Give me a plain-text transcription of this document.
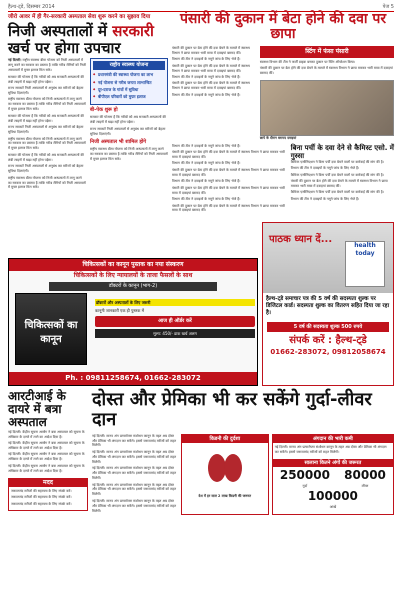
हैल्थ-ट्डे, दिसम्बर 2014	पेज 5
जीरो आवर में ही गैर-सरकारी अस्पताल सेवा शुरू करने का सुझाव दिया
निजी अस्पतालों में सरकारी
खर्च पर होगा उपचार

नई दिल्ली। राष्ट्रीय स्वास्थ्य बीमा योजना को निजी अस्पतालों में लागू करने का सरकार का प्रस्ताव है ताकि गरीब रोगियों को निजी अस्पतालों में मुफ्त इलाज मिल सके।

सरकार की योजना है कि गरीबों को अब सरकारी अस्पतालों की लंबी लाइनों में खड़ा नहीं होना पड़ेगा।

राज्य सरकारें निजी अस्पतालों से अनुबंध कर मरीजों को बेहतर सुविधा दिलाएंगी।

राष्ट्रीय स्वास्थ्य बीमा योजना को निजी अस्पतालों में लागू करने का सरकार का प्रस्ताव है ताकि गरीब रोगियों को निजी अस्पतालों में मुफ्त इलाज मिल सके।

सरकार की योजना है कि गरीबों को अब सरकारी अस्पतालों की लंबी लाइनों में खड़ा नहीं होना पड़ेगा।

राज्य सरकारें निजी अस्पतालों से अनुबंध कर मरीजों को बेहतर सुविधा दिलाएंगी।

राष्ट्रीय स्वास्थ्य बीमा योजना को निजी अस्पतालों में लागू करने का सरकार का प्रस्ताव है ताकि गरीब रोगियों को निजी अस्पतालों में मुफ्त इलाज मिल सके।

सरकार की योजना है कि गरीबों को अब सरकारी अस्पतालों की लंबी लाइनों में खड़ा नहीं होना पड़ेगा।

राज्य सरकारें निजी अस्पतालों से अनुबंध कर मरीजों को बेहतर सुविधा दिलाएंगी।

राष्ट्रीय स्वास्थ्य बीमा योजना को निजी अस्पतालों में लागू करने का सरकार का प्रस्ताव है ताकि गरीब रोगियों को निजी अस्पतालों में मुफ्त इलाज मिल सके।

राष्ट्रीय स्वास्थ्य योजना
◆ प्रधानमंत्री की स्वास्थ्य योजना का लाभ
◆ नई योजना से गरीब जनता लाभान्वित
◆ दूर-दराज के गांवों में सुविधा
◆ बीपीएल परिवारों को मुफ्त इलाज
बी-पेक शुरू हो

सरकार की योजना है कि गरीबों को अब सरकारी अस्पतालों की लंबी लाइनों में खड़ा नहीं होना पड़ेगा।

राज्य सरकारें निजी अस्पतालों से अनुबंध कर मरीजों को बेहतर सुविधा दिलाएंगी।

निजी अस्पताल भी शामिल होंगे

राष्ट्रीय स्वास्थ्य बीमा योजना को निजी अस्पतालों में लागू करने का सरकार का प्रस्ताव है ताकि गरीब रोगियों को निजी अस्पतालों में मुफ्त इलाज मिल सके।

पंसारी की दुकान में बेटा होने की दवा पर छापा

पंसारी की दुकान पर बेटा होने की दवा बेचने के मामले में स्वास्थ्य विभाग ने छापा मारकर भारी मात्रा में दवाइयां बरामद कीं।

विभाग की टीम ने दवाइयों के नमूने जांच के लिए भेजे हैं।

पंसारी की दुकान पर बेटा होने की दवा बेचने के मामले में स्वास्थ्य विभाग ने छापा मारकर भारी मात्रा में दवाइयां बरामद कीं।

विभाग की टीम ने दवाइयों के नमूने जांच के लिए भेजे हैं।

पंसारी की दुकान पर बेटा होने की दवा बेचने के मामले में स्वास्थ्य विभाग ने छापा मारकर भारी मात्रा में दवाइयां बरामद कीं।

विभाग की टीम ने दवाइयों के नमूने जांच के लिए भेजे हैं।

स्टिंग में फंसा पंसारी

स्वास्थ्य विभाग की टीम ने फर्जी ग्राहक बनकर दुकान पर स्टिंग ऑपरेशन किया।

पंसारी की दुकान पर बेटा होने की दवा बेचने के मामले में स्वास्थ्य विभाग ने छापा मारकर भारी मात्रा में दवाइयां बरामद कीं।

छापे के दौरान बरामद दवाइयां

विभाग की टीम ने दवाइयों के नमूने जांच के लिए भेजे हैं।

पंसारी की दुकान पर बेटा होने की दवा बेचने के मामले में स्वास्थ्य विभाग ने छापा मारकर भारी मात्रा में दवाइयां बरामद कीं।

विभाग की टीम ने दवाइयों के नमूने जांच के लिए भेजे हैं।

पंसारी की दुकान पर बेटा होने की दवा बेचने के मामले में स्वास्थ्य विभाग ने छापा मारकर भारी मात्रा में दवाइयां बरामद कीं।

विभाग की टीम ने दवाइयों के नमूने जांच के लिए भेजे हैं।

पंसारी की दुकान पर बेटा होने की दवा बेचने के मामले में स्वास्थ्य विभाग ने छापा मारकर भारी मात्रा में दवाइयां बरामद कीं।

विभाग की टीम ने दवाइयों के नमूने जांच के लिए भेजे हैं।

पंसारी की दुकान पर बेटा होने की दवा बेचने के मामले में स्वास्थ्य विभाग ने छापा मारकर भारी मात्रा में दवाइयां बरामद कीं।

बिना पर्ची के दवा देने से कैमिस्ट एसो. में गुस्सा

कैमिस्ट एसोसिएशन ने बिना पर्ची दवा बेचने वालों पर कार्रवाई की मांग की है।

विभाग की टीम ने दवाइयों के नमूने जांच के लिए भेजे हैं।

कैमिस्ट एसोसिएशन ने बिना पर्ची दवा बेचने वालों पर कार्रवाई की मांग की है।

पंसारी की दुकान पर बेटा होने की दवा बेचने के मामले में स्वास्थ्य विभाग ने छापा मारकर भारी मात्रा में दवाइयां बरामद कीं।

कैमिस्ट एसोसिएशन ने बिना पर्ची दवा बेचने वालों पर कार्रवाई की मांग की है।

विभाग की टीम ने दवाइयों के नमूने जांच के लिए भेजे हैं।

चिकित्सकों का कानून पुस्तक का नया संस्करण
चिकित्सकों के लिए न्यायालयों के ताजा फैसलों के साथ
डॉक्टरों के कानून (भाग-2)
चिकित्सकों का कानून

डॉक्टरों और अस्पतालों के लिए जरूरी

कानूनी जानकारी एक ही पुस्तक में

आज ही ऑर्डर करें
मूल्य: 450/- डाक खर्च अलग
Ph. : 09811258674, 01662-283072
पाठक ध्यान दें...
health today
हैल्थ-ट्डे समाचार पत्र की 5 वर्ष की सदस्यता शुल्क पर डिजिटल कार्ड। सदस्यता शुल्क का वितरण सहित दिया जा रहा है।
5 वर्ष की सदस्यता शुल्क 500 रुपये
संपर्क करें : हैल्थ-ट्डे
01662-283072, 09812058674
आरटीआई के दायरे में बत्रा अस्पताल

नई दिल्ली। केंद्रीय सूचना आयोग ने बत्रा अस्पताल को सूचना के अधिकार के दायरे में लाने का आदेश दिया है।

नई दिल्ली। केंद्रीय सूचना आयोग ने बत्रा अस्पताल को सूचना के अधिकार के दायरे में लाने का आदेश दिया है।

नई दिल्ली। केंद्रीय सूचना आयोग ने बत्रा अस्पताल को सूचना के अधिकार के दायरे में लाने का आदेश दिया है।

नई दिल्ली। केंद्रीय सूचना आयोग ने बत्रा अस्पताल को सूचना के अधिकार के दायरे में लाने का आदेश दिया है।

मदद

जरूरतमंद मरीजों की सहायता के लिए संपर्क करें।

जरूरतमंद मरीजों की सहायता के लिए संपर्क करें।

जरूरतमंद मरीजों की सहायता के लिए संपर्क करें।

दोस्त और प्रेमिका भी कर सकेंगे गुर्दा-लीवर दान

नई दिल्ली। मानव अंग प्रत्यारोपण संशोधन कानून के तहत अब दोस्त और प्रेमिका भी अंगदान कर सकेंगे। इससे जरूरतमंद मरीजों को राहत मिलेगी।

नई दिल्ली। मानव अंग प्रत्यारोपण संशोधन कानून के तहत अब दोस्त और प्रेमिका भी अंगदान कर सकेंगे। इससे जरूरतमंद मरीजों को राहत मिलेगी।

नई दिल्ली। मानव अंग प्रत्यारोपण संशोधन कानून के तहत अब दोस्त और प्रेमिका भी अंगदान कर सकेंगे। इससे जरूरतमंद मरीजों को राहत मिलेगी।

नई दिल्ली। मानव अंग प्रत्यारोपण संशोधन कानून के तहत अब दोस्त और प्रेमिका भी अंगदान कर सकेंगे। इससे जरूरतमंद मरीजों को राहत मिलेगी।

नई दिल्ली। मानव अंग प्रत्यारोपण संशोधन कानून के तहत अब दोस्त और प्रेमिका भी अंगदान कर सकेंगे। इससे जरूरतमंद मरीजों को राहत मिलेगी।

किडनी की दुर्दशा
देश में हर साल 2 लाख किडनी की जरूरत
अंगदान की भारी कमी

नई दिल्ली। मानव अंग प्रत्यारोपण संशोधन कानून के तहत अब दोस्त और प्रेमिका भी अंगदान कर सकेंगे। इससे जरूरतमंद मरीजों को राहत मिलेगी।

सालाना कितने अंगों की जरूरत
250000
गुर्दा
80000
लीवर
100000
आंखें
